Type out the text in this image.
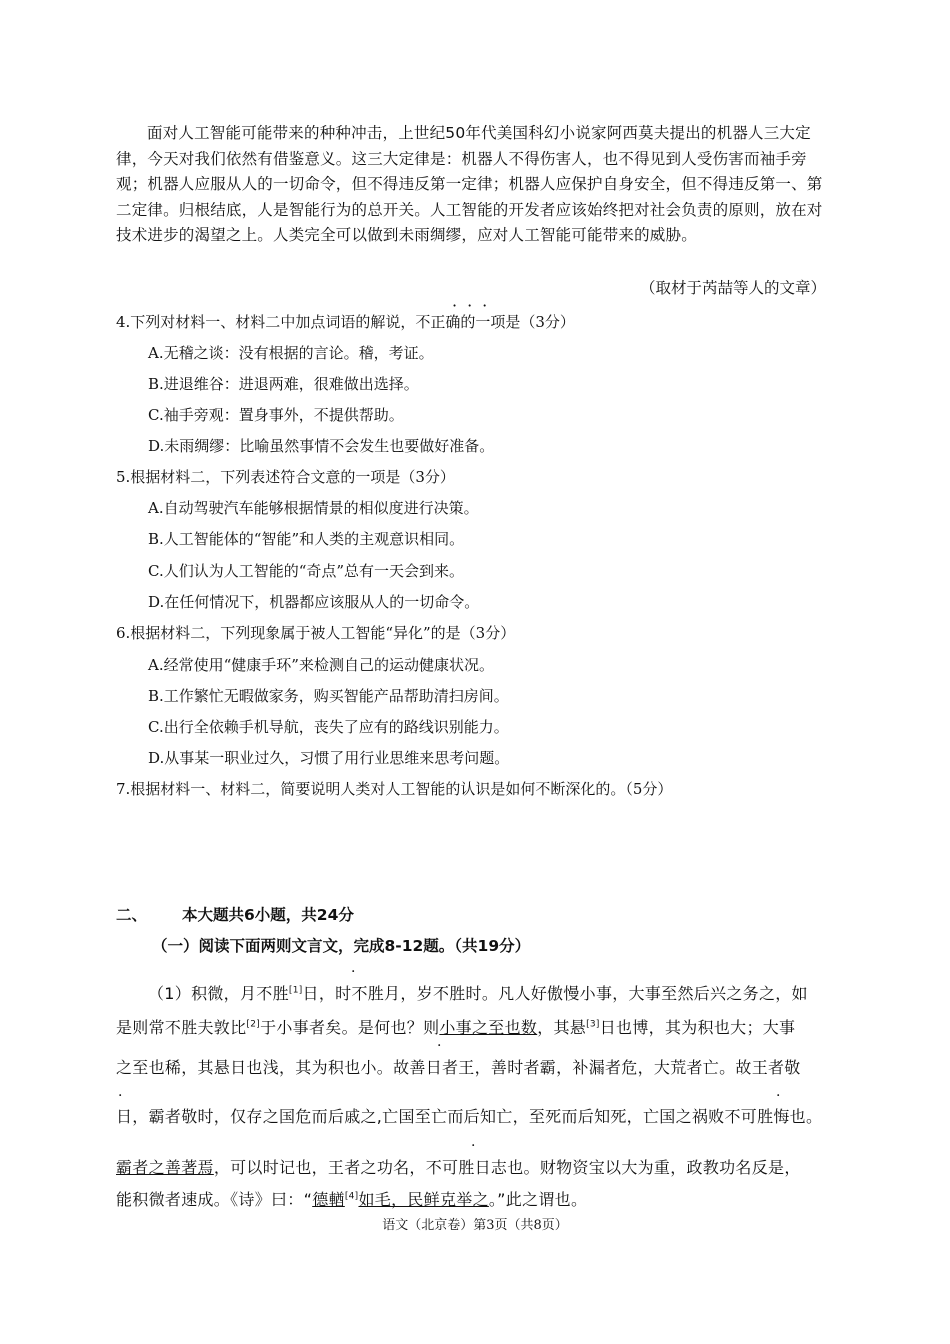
面对人工智能可能带来的种种冲击，上世纪50年代美国科幻小说家阿西莫夫提出的机器人三大定律，今天对我们依然有借鉴意义。这三大定律是：机器人不得伤害人，也不得见到人受伤害而袖手旁观；机器人应服从人的一切命令，但不得违反第一定律；机器人应保护自身安全，但不得违反第一、第二定律。归根结底，人是智能行为的总开关。人工智能的开发者应该始终把对社会负责的原则，放在对技术进步的渴望之上。人类完全可以做到未雨绸缪，应对人工智能可能带来的威胁。
（取材于芮喆等人的文章）
···
4.下列对材料一、材料二中加点词语的解说，不正确的一项是（3分）
A.无稽之谈：没有根据的言论。稽，考证。
B.进退维谷：进退两难，很难做出选择。
C.袖手旁观：置身事外，不提供帮助。
D.未雨绸缪：比喻虽然事情不会发生也要做好准备。
5.根据材料二，下列表述符合文意的一项是（3分）
A.自动驾驶汽车能够根据情景的相似度进行决策。
B.人工智能体的“智能”和人类的主观意识相同。
C.人们认为人工智能的“奇点”总有一天会到来。
D.在任何情况下，机器都应该服从人的一切命令。
6.根据材料二，下列现象属于被人工智能“异化”的是（3分）
A.经常使用“健康手环”来检测自己的运动健康状况。
B.工作繁忙无暇做家务，购买智能产品帮助清扫房间。
C.出行全依赖手机导航，丧失了应有的路线识别能力。
D.从事某一职业过久，习惯了用行业思维来思考问题。
7.根据材料一、材料二，简要说明人类对人工智能的认识是如何不断深化的。（5分）
二、 本大题共6小题，共24分
（一）阅读下面两则文言文，完成8-12题。（共19分）
·
（1）积微，月不胜[1]日，时不胜月，岁不胜时。凡人好傲慢小事，大事至然后兴之务之，如
是则常不胜夫敦比[2]于小事者矣。是何也？则小事之至也数，其悬[3]日也博，其为积也大；大事
·
之至也稀，其悬日也浅，其为积也小。故善日者王，善时者霸，补漏者危，大荒者亡。故王者敬
·
日，霸者敬时，仅存之国危而后戚之,亡国至亡而后知亡，至死而后知死，亡国之祸败不可胜悔也。
·
霸者之善著焉，可以时记也，王者之功名，不可胜日志也。财物资宝以大为重，政教功名反是，
·
能积微者速成。《诗》曰：“德輶[4]如毛，民鲜克举之。”此之谓也。
语文（北京卷）第3页（共8页）
